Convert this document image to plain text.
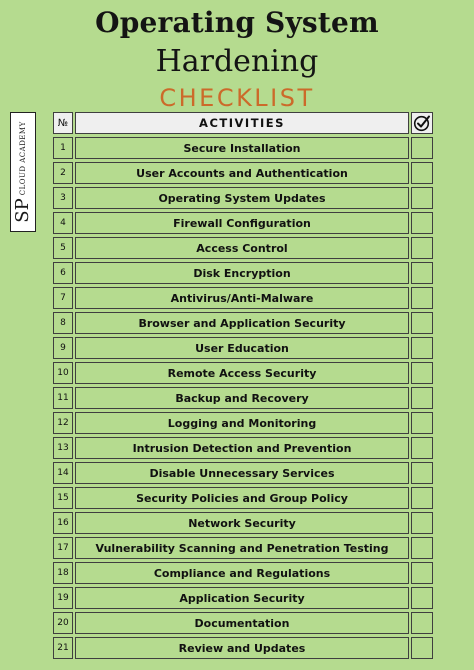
Operating System
Hardening
CHECKLIST
SP
CLOUD ACADEMY	№	ACTIVITIES
1	Secure Installation
2	User Accounts and Authentication
3	Operating System Updates
4	Firewall Configuration
5	Access Control
6	Disk Encryption
7	Antivirus/Anti-Malware
8	Browser and Application Security
9	User Education
10	Remote Access Security
11	Backup and Recovery
12	Logging and Monitoring
13	Intrusion Detection and Prevention
14	Disable Unnecessary Services
15	Security Policies and Group Policy
16	Network Security
17	Vulnerability Scanning and Penetration Testing
18	Compliance and Regulations
19	Application Security
20	Documentation
21	Review and Updates
